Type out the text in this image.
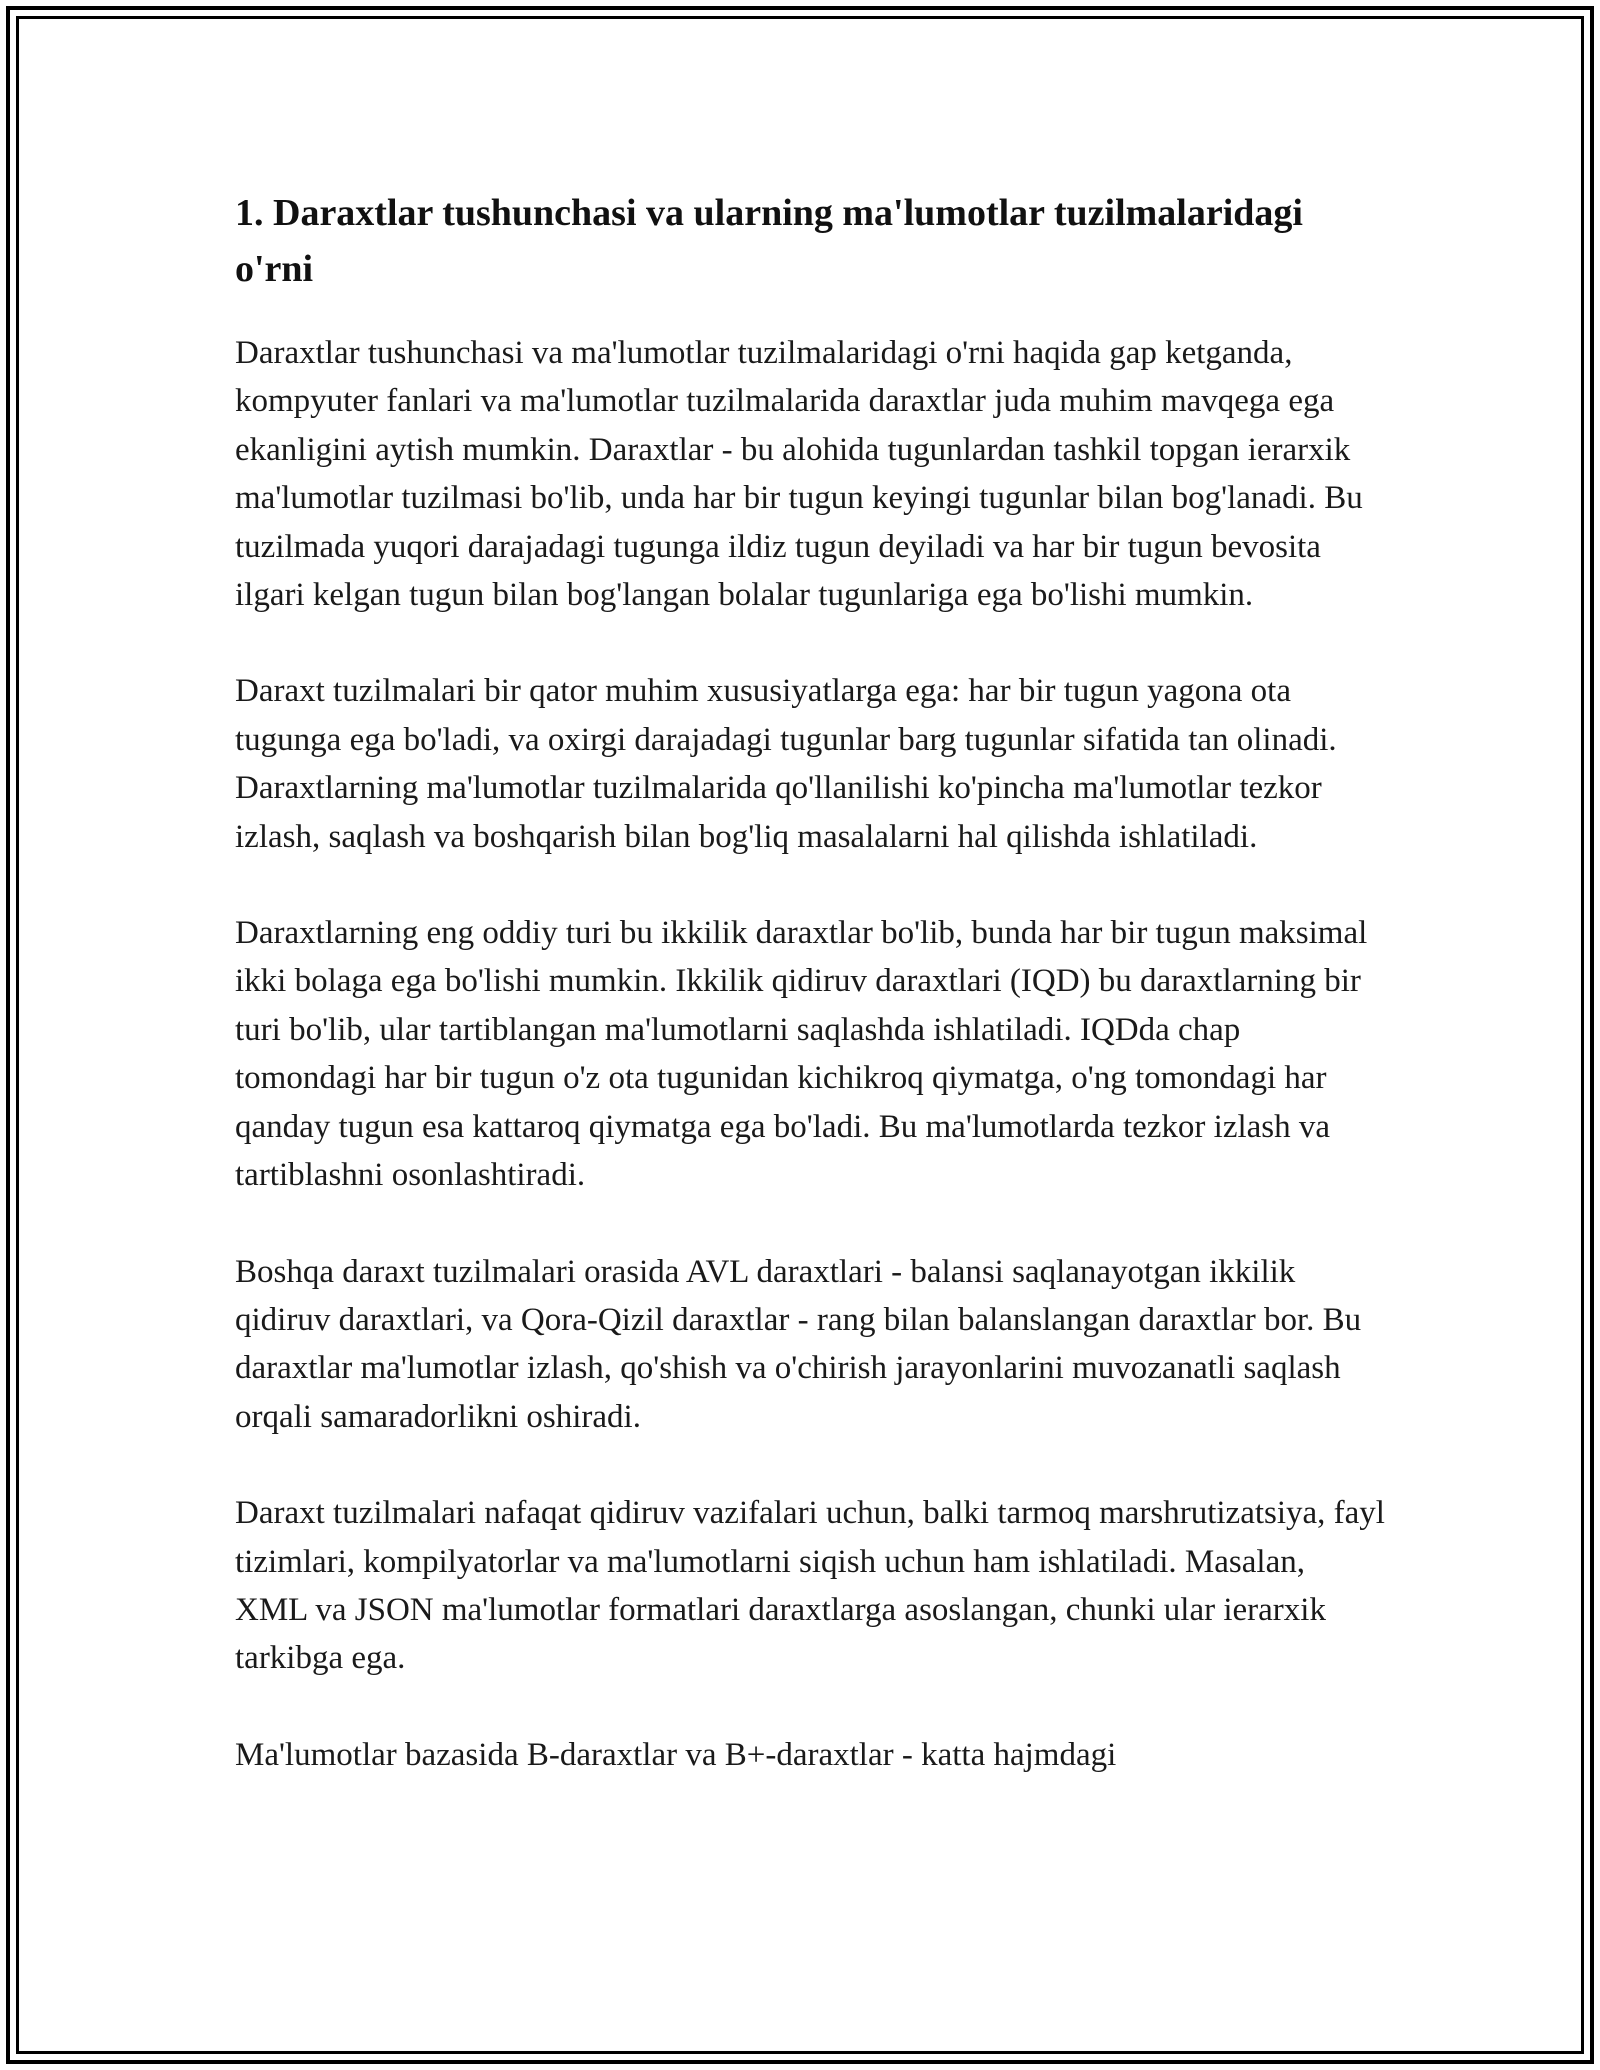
1. Daraxtlar tushunchasi va ularning ma'lumotlar tuzilmalaridagi o'rni

Daraxtlar tushunchasi va ma'lumotlar tuzilmalaridagi o'rni haqida gap ketganda, kompyuter fanlari va ma'lumotlar tuzilmalarida daraxtlar juda muhim mavqega ega ekanligini aytish mumkin. Daraxtlar - bu alohida tugunlardan tashkil topgan ierarxik ma'lumotlar tuzilmasi bo'lib, unda har bir tugun keyingi tugunlar bilan bog'lanadi. Bu tuzilmada yuqori darajadagi tugunga ildiz tugun deyiladi va har bir tugun bevosita ilgari kelgan tugun bilan bog'langan bolalar tugunlariga ega bo'lishi mumkin.

Daraxt tuzilmalari bir qator muhim xususiyatlarga ega: har bir tugun yagona ota tugunga ega bo'ladi, va oxirgi darajadagi tugunlar barg tugunlar sifatida tan olinadi. Daraxtlarning ma'lumotlar tuzilmalarida qo'llanilishi ko'pincha ma'lumotlar tezkor izlash, saqlash va boshqarish bilan bog'liq masalalarni hal qilishda ishlatiladi.

Daraxtlarning eng oddiy turi bu ikkilik daraxtlar bo'lib, bunda har bir tugun maksimal ikki bolaga ega bo'lishi mumkin. Ikkilik qidiruv daraxtlari (IQD) bu daraxtlarning bir turi bo'lib, ular tartiblangan ma'lumotlarni saqlashda ishlatiladi. IQDda chap tomondagi har bir tugun o'z ota tugunidan kichikroq qiymatga, o'ng tomondagi har qanday tugun esa kattaroq qiymatga ega bo'ladi. Bu ma'lumotlarda tezkor izlash va tartiblashni osonlashtiradi.

Boshqa daraxt tuzilmalari orasida AVL daraxtlari - balansi saqlanayotgan ikkilik qidiruv daraxtlari, va Qora-Qizil daraxtlar - rang bilan balanslangan daraxtlar bor. Bu daraxtlar ma'lumotlar izlash, qo'shish va o'chirish jarayonlarini muvozanatli saqlash orqali samaradorlikni oshiradi.

Daraxt tuzilmalari nafaqat qidiruv vazifalari uchun, balki tarmoq marshrutizatsiya, fayl tizimlari, kompilyatorlar va ma'lumotlarni siqish uchun ham ishlatiladi. Masalan, XML va JSON ma'lumotlar formatlari daraxtlarga asoslangan, chunki ular ierarxik tarkibga ega.

Ma'lumotlar bazasida B-daraxtlar va B+-daraxtlar - katta hajmdagi
